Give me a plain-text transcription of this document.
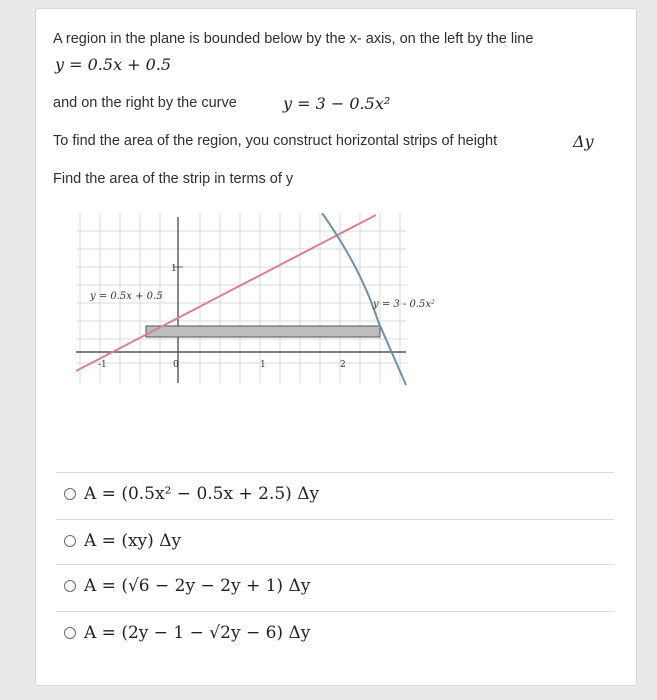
A region in the plane is bounded below by the x- axis, on the left by the line
y = 0.5x + 0.5
and on the right by the curve	y = 3 − 0.5x²
To find the area of the region, you construct horizontal strips of height	Δy
Find the area of the strip in terms of y
-1	0	1	2
1
y = 0.5x + 0.5
y = 3 - 0.5x²
A = (0.5x² − 0.5x + 2.5) Δy
A = (xy) Δy
A = (√6 − 2y − 2y + 1) Δy
A = (2y − 1 − √2y − 6) Δy
